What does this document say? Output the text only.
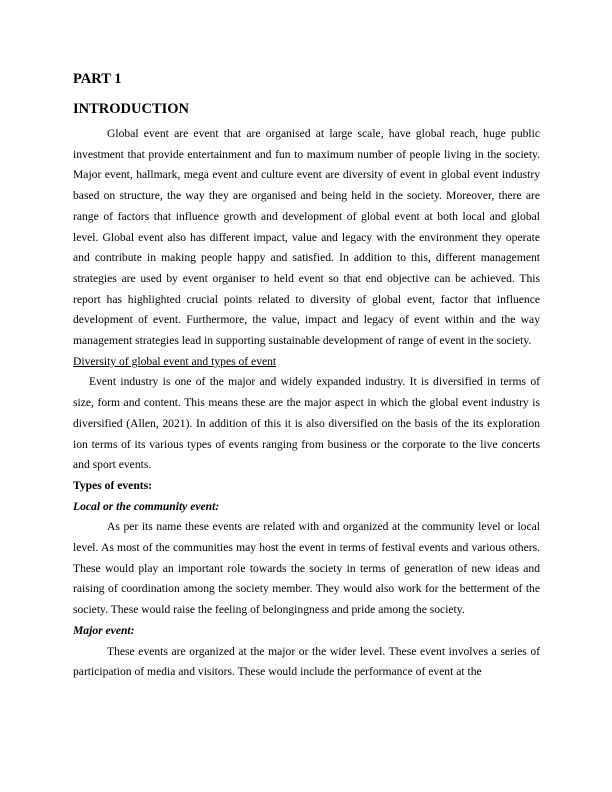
PART 1
INTRODUCTION

Global event are event that are organised at large scale, have global reach, huge public investment that provide entertainment and fun to maximum number of people living in the society. Major event, hallmark, mega event and culture event are diversity of event in global event industry based on structure, the way they are organised and being held in the society. Moreover, there are range of factors that influence growth and development of global event at both local and global level. Global event also has different impact, value and legacy with the environment they operate and contribute in making people happy and satisfied. In addition to this, different management strategies are used by event organiser to held event so that end objective can be achieved. This report has highlighted crucial points related to diversity of global event, factor that influence development of event. Furthermore, the value, impact and legacy of event within and the way management strategies lead in supporting sustainable development of range of event in the society.

Diversity of global event and types of event

Event industry is one of the major and widely expanded industry. It is diversified in terms of size, form and content. This means these are the major aspect in which the global event industry is diversified (Allen, 2021). In addition of this it is also diversified on the basis of the its exploration ion terms of its various types of events ranging from business or the corporate to the live concerts and sport events.

Types of events:
Local or the community event:

As per its name these events are related with and organized at the community level or local level. As most of the communities may host the event in terms of festival events and various others. These would play an important role towards the society in terms of generation of new ideas and raising of coordination among the society member. They would also work for the betterment of the society. These would raise the feeling of belongingness and pride among the society.

Major event:

These events are organized at the major or the wider level. These event involves a series of participation of media and visitors. These would include the performance of event at the
